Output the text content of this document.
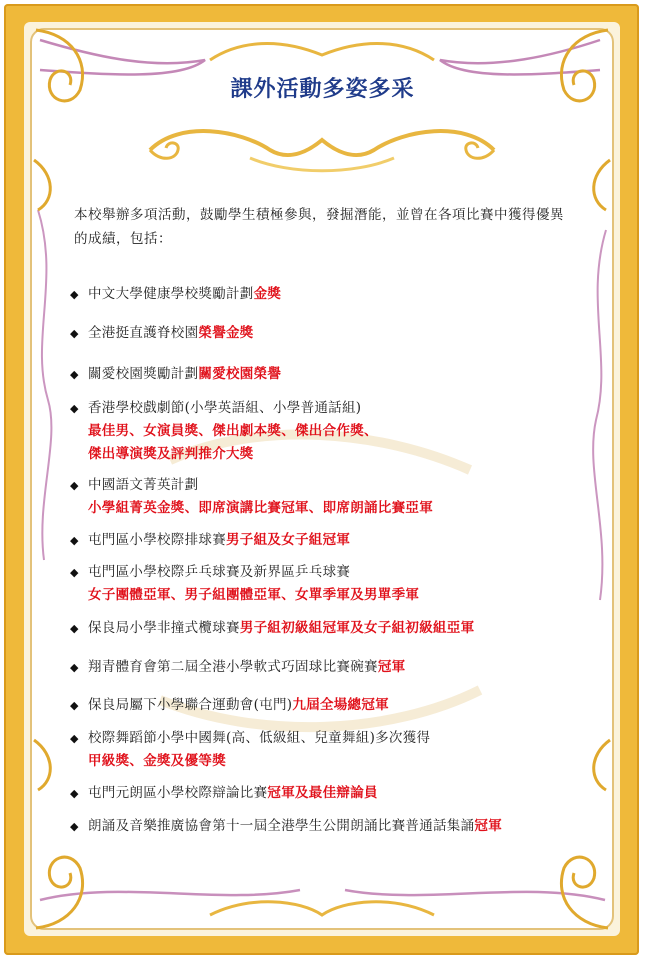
課外活動多姿多采
本校舉辦多項活動，鼓勵學生積極參與，發掘潛能，並曾在各項比賽中獲得優異的成績，包括：
◆ 中文大學健康學校獎勵計劃金獎
◆ 全港挺直護脊校園榮譽金獎
◆ 關愛校園獎勵計劃關愛校園榮譽
◆ 香港學校戲劇節(小學英語組、小學普通話組)
最佳男、女演員獎、傑出劇本獎、傑出合作獎、
傑出導演獎及評判推介大獎
◆ 中國語文菁英計劃
小學組菁英金獎、即席演講比賽冠軍、即席朗誦比賽亞軍
◆ 屯門區小學校際排球賽男子組及女子組冠軍
◆ 屯門區小學校際乒乓球賽及新界區乒乓球賽
女子團體亞軍、男子組團體亞軍、女單季軍及男單季軍
◆ 保良局小學非撞式欖球賽男子組初級組冠軍及女子組初級組亞軍
◆ 翔青體育會第二屆全港小學軟式巧固球比賽碗賽冠軍
◆ 保良局屬下小學聯合運動會(屯門)九屆全場總冠軍
◆ 校際舞蹈節小學中國舞(高、低級組、兒童舞組)多次獲得
甲級獎、金獎及優等獎
◆ 屯門元朗區小學校際辯論比賽冠軍及最佳辯論員
◆ 朗誦及音樂推廣協會第十一屆全港學生公開朗誦比賽普通話集誦冠軍
